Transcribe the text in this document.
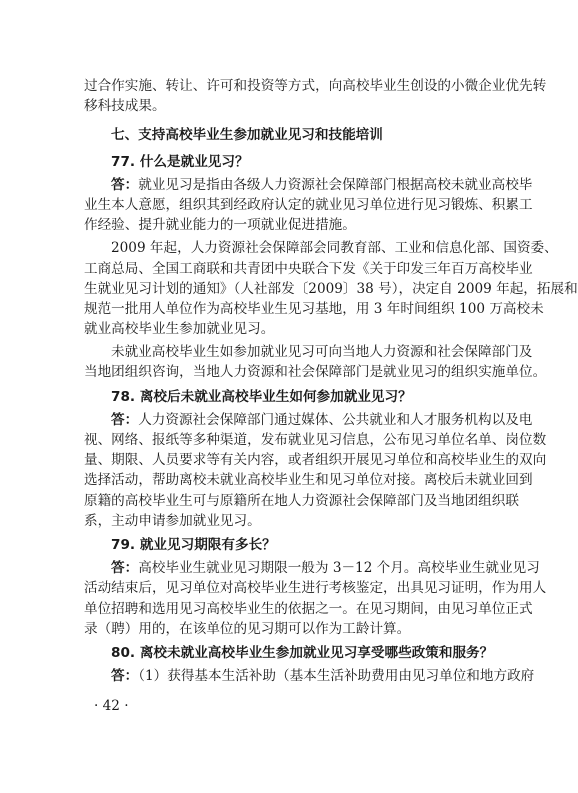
过合作实施、转让、许可和投资等方式，向高校毕业生创设的小微企业优先转
移科技成果。
七、支持高校毕业生参加就业见习和技能培训
77. 什么是就业见习？
答：就业见习是指由各级人力资源社会保障部门根据高校未就业高校毕
业生本人意愿，组织其到经政府认定的就业见习单位进行见习锻炼、积累工
作经验、提升就业能力的一项就业促进措施。
2009 年起，人力资源社会保障部会同教育部、工业和信息化部、国资委、
工商总局、全国工商联和共青团中央联合下发《关于印发三年百万高校毕业
生就业见习计划的通知》（人社部发〔2009〕38 号），决定自 2009 年起，拓展和
规范一批用人单位作为高校毕业生见习基地，用 3 年时间组织 100 万高校未
就业高校毕业生参加就业见习。
未就业高校毕业生如参加就业见习可向当地人力资源和社会保障部门及
当地团组织咨询，当地人力资源和社会保障部门是就业见习的组织实施单位。
78. 离校后未就业高校毕业生如何参加就业见习？
答：人力资源社会保障部门通过媒体、公共就业和人才服务机构以及电
视、网络、报纸等多种渠道，发布就业见习信息，公布见习单位名单、岗位数
量、期限、人员要求等有关内容，或者组织开展见习单位和高校毕业生的双向
选择活动，帮助离校未就业高校毕业生和见习单位对接。离校后未就业回到
原籍的高校毕业生可与原籍所在地人力资源社会保障部门及当地团组织联
系，主动申请参加就业见习。
79. 就业见习期限有多长？
答：高校毕业生就业见习期限一般为 3－12 个月。高校毕业生就业见习
活动结束后，见习单位对高校毕业生进行考核鉴定，出具见习证明，作为用人
单位招聘和选用见习高校毕业生的依据之一。在见习期间，由见习单位正式
录（聘）用的，在该单位的见习期可以作为工龄计算。
80. 离校未就业高校毕业生参加就业见习享受哪些政策和服务？
答：（1）获得基本生活补助（基本生活补助费用由见习单位和地方政府
· 42 ·
